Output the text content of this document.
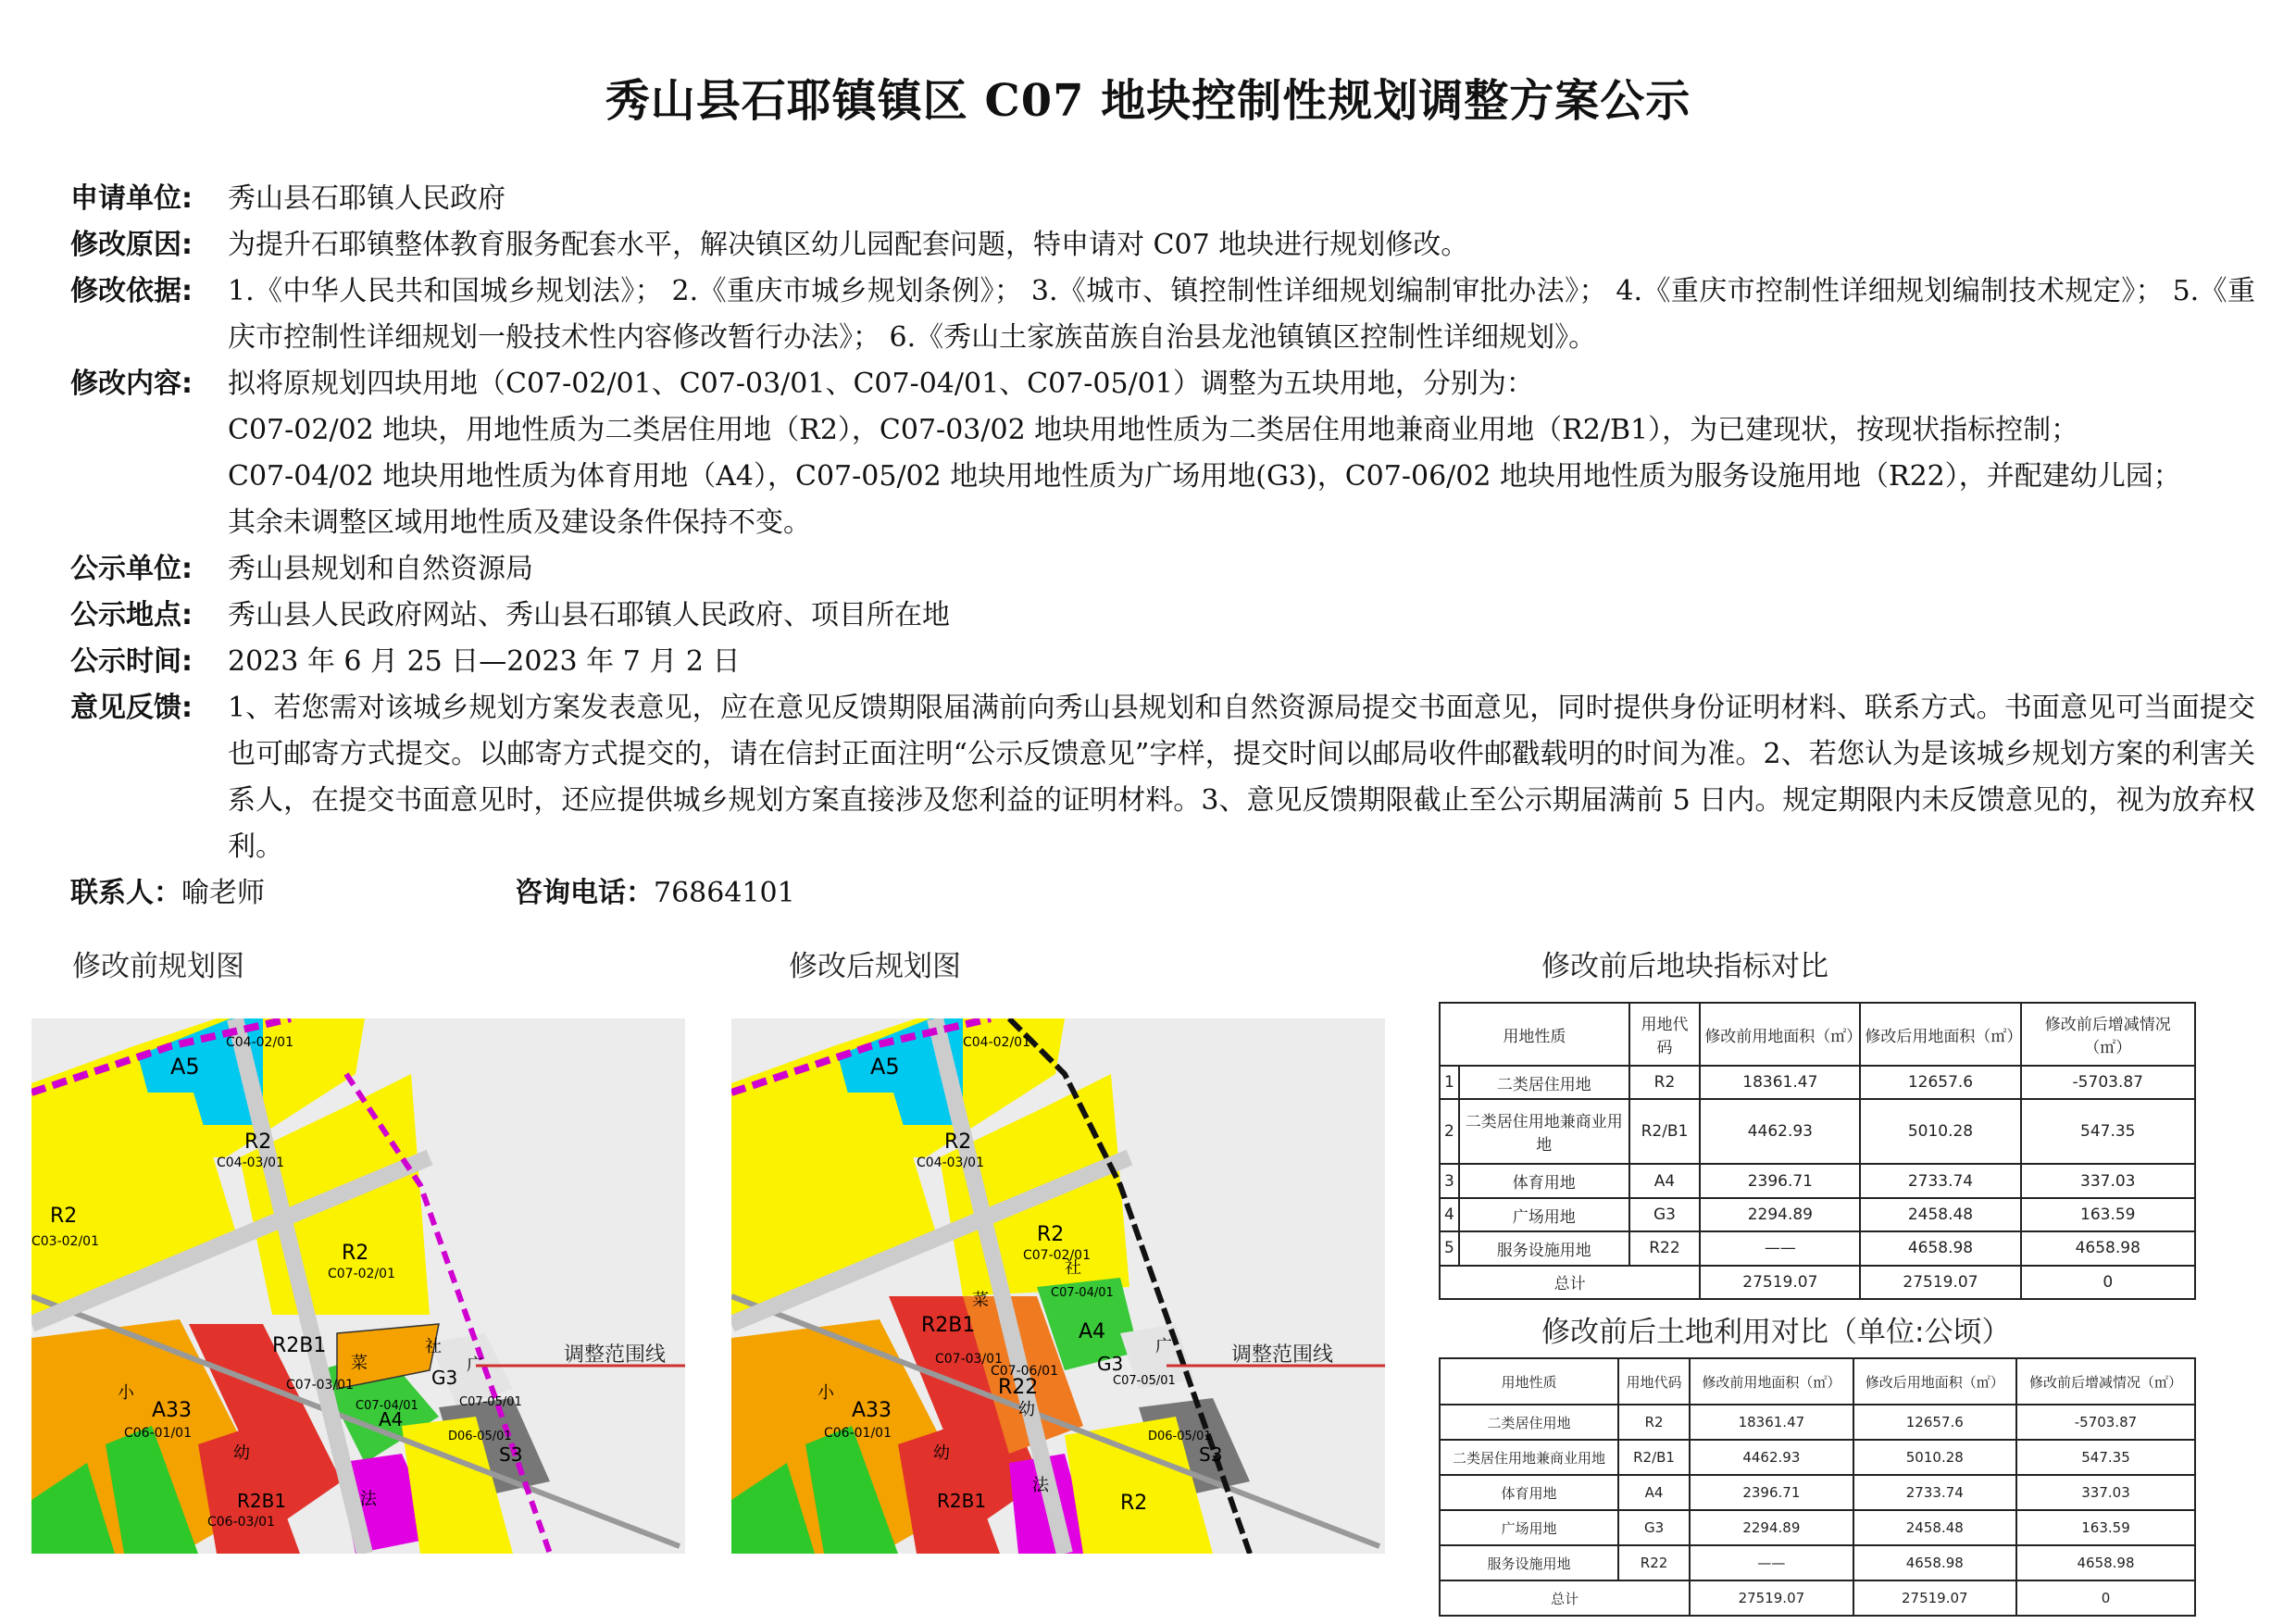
秀山县石耶镇镇区 C07 地块控制性规划调整方案公示
申请单位:	秀山县石耶镇人民政府
修改原因:	为提升石耶镇整体教育服务配套水平，解决镇区幼儿园配套问题，特申请对 C07 地块进行规划修改。
修改依据:	1.《中华人民共和国城乡规划法》； 2.《重庆市城乡规划条例》； 3.《城市、镇控制性详细规划编制审批办法》； 4.《重庆市控制性详细规划编制技术规定》； 5.《重庆市控制性详细规划一般技术性内容修改暂行办法》； 6.《秀山土家族苗族自治县龙池镇镇区控制性详细规划》。
修改内容:	拟将原规划四块用地（C07-02/01、C07-03/01、C07-04/01、C07-05/01）调整为五块用地，分别为：

C07-02/02 地块，用地性质为二类居住用地（R2），C07-03/02 地块用地性质为二类居住用地兼商业用地（R2/B1），为已建现状，按现状指标控制；

C07-04/02 地块用地性质为体育用地（A4），C07-05/02 地块用地性质为广场用地(G3)，C07-06/02 地块用地性质为服务设施用地（R22），并配建幼儿园；

其余未调整区域用地性质及建设条件保持不变。

公示单位:	秀山县规划和自然资源局
公示地点:	秀山县人民政府网站、秀山县石耶镇人民政府、项目所在地
公示时间:	2023 年 6 月 25 日—2023 年 7 月 2 日
意见反馈:	1、若您需对该城乡规划方案发表意见，应在意见反馈期限届满前向秀山县规划和自然资源局提交书面意见，同时提供身份证明材料、联系方式。书面意见可当面提交也可邮寄方式提交。以邮寄方式提交的，请在信封正面注明“公示反馈意见”字样，提交时间以邮局收件邮戳载明的时间为准。2、若您认为是该城乡规划方案的利害关系人，在提交书面意见时，还应提供城乡规划方案直接涉及您利益的证明材料。3、意见反馈期限截止至公示期届满前 5 日内。规定期限内未反馈意见的，视为放弃权利。
联系人： 喻老师	咨询电话： 76864101
修改前规划图	修改后规划图	修改前后地块指标对比
修改前后土地利用对比（单位:公顷）
调整范围线
A5
R2
C04-03/01
C04-02/01
R2
C03-02/01	R2
C07-02/01
R2B1
C07-03/01
A33
C06-01/01
小
幼
R2B1
C06-03/01
菜
社
广
G3
C07-05/01
A4
C07-04/01
S3
D06-05/01
法
调整范围线
A5
R2
C04-03/01
C04-02/01
R2
C07-02/01
R2B1
C07-03/01
R22
C07-06/01
幼
A4
C07-04/01
G3
广
C07-05/01
A33
C06-01/01
小
幼
R2B1
菜
社
S3
D06-05/01
R2
法
用地性质		用地代码	修改前用地面积（㎡）	修改后用地面积（㎡）	修改前后增减情况（㎡）
1	二类居住用地	R2	18361.47	12657.6	-5703.87
2	二类居住用地兼商业用地	R2/B1	4462.93	5010.28	547.35
3	体育用地	A4	2396.71	2733.74	337.03
4	广场用地	G3	2294.89	2458.48	163.59
5	服务设施用地	R22	——	4658.98	4658.98
总计			27519.07	27519.07	0
用地性质	用地代码	修改前用地面积（㎡）	修改后用地面积（㎡）	修改前后增减情况（㎡）
二类居住用地	R2	18361.47	12657.6	-5703.87
二类居住用地兼商业用地	R2/B1	4462.93	5010.28	547.35
体育用地	A4	2396.71	2733.74	337.03
广场用地	G3	2294.89	2458.48	163.59
服务设施用地	R22	——	4658.98	4658.98
总计		27519.07	27519.07	0
